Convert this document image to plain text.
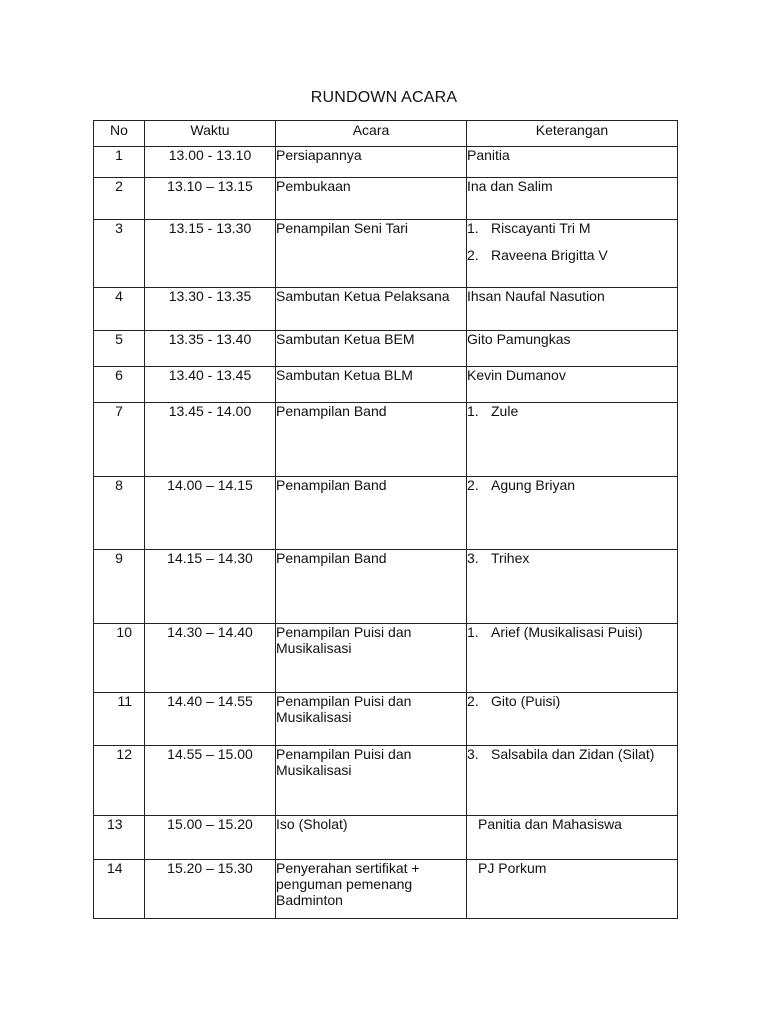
RUNDOWN ACARA
No	Waktu	Acara	Keterangan
1	13.00 - 13.10	Persiapannya	Panitia
2	13.10 – 13.15	Pembukaan	Ina dan Salim
3	13.15 - 13.30	Penampilan Seni Tari	1. Riscayanti Tri M
2. Raveena Brigitta V

4	13.30 - 13.35	Sambutan Ketua Pelaksana	Ihsan Naufal Nasution
5	13.35 - 13.40	Sambutan Ketua BEM	Gito Pamungkas
6	13.40 - 13.45	Sambutan Ketua BLM	Kevin Dumanov
7	13.45 - 14.00	Penampilan Band	1. Zule

8	14.00 – 14.15	Penampilan Band	2. Agung Briyan

9	14.15 – 14.30	Penampilan Band	3. Trihex

10	14.30 – 14.40	Penampilan Puisi dan Musikalisasi	1. Arief (Musikalisasi Puisi)

11	14.40 – 14.55	Penampilan Puisi dan Musikalisasi	2. Gito (Puisi)

12	14.55 – 15.00	Penampilan Puisi dan Musikalisasi	3. Salsabila dan Zidan (Silat)

13	15.00 – 15.20	Iso (Sholat)	Panitia dan Mahasiswa
14	15.20 – 15.30	Penyerahan sertifikat + penguman pemenang Badminton	PJ Porkum
